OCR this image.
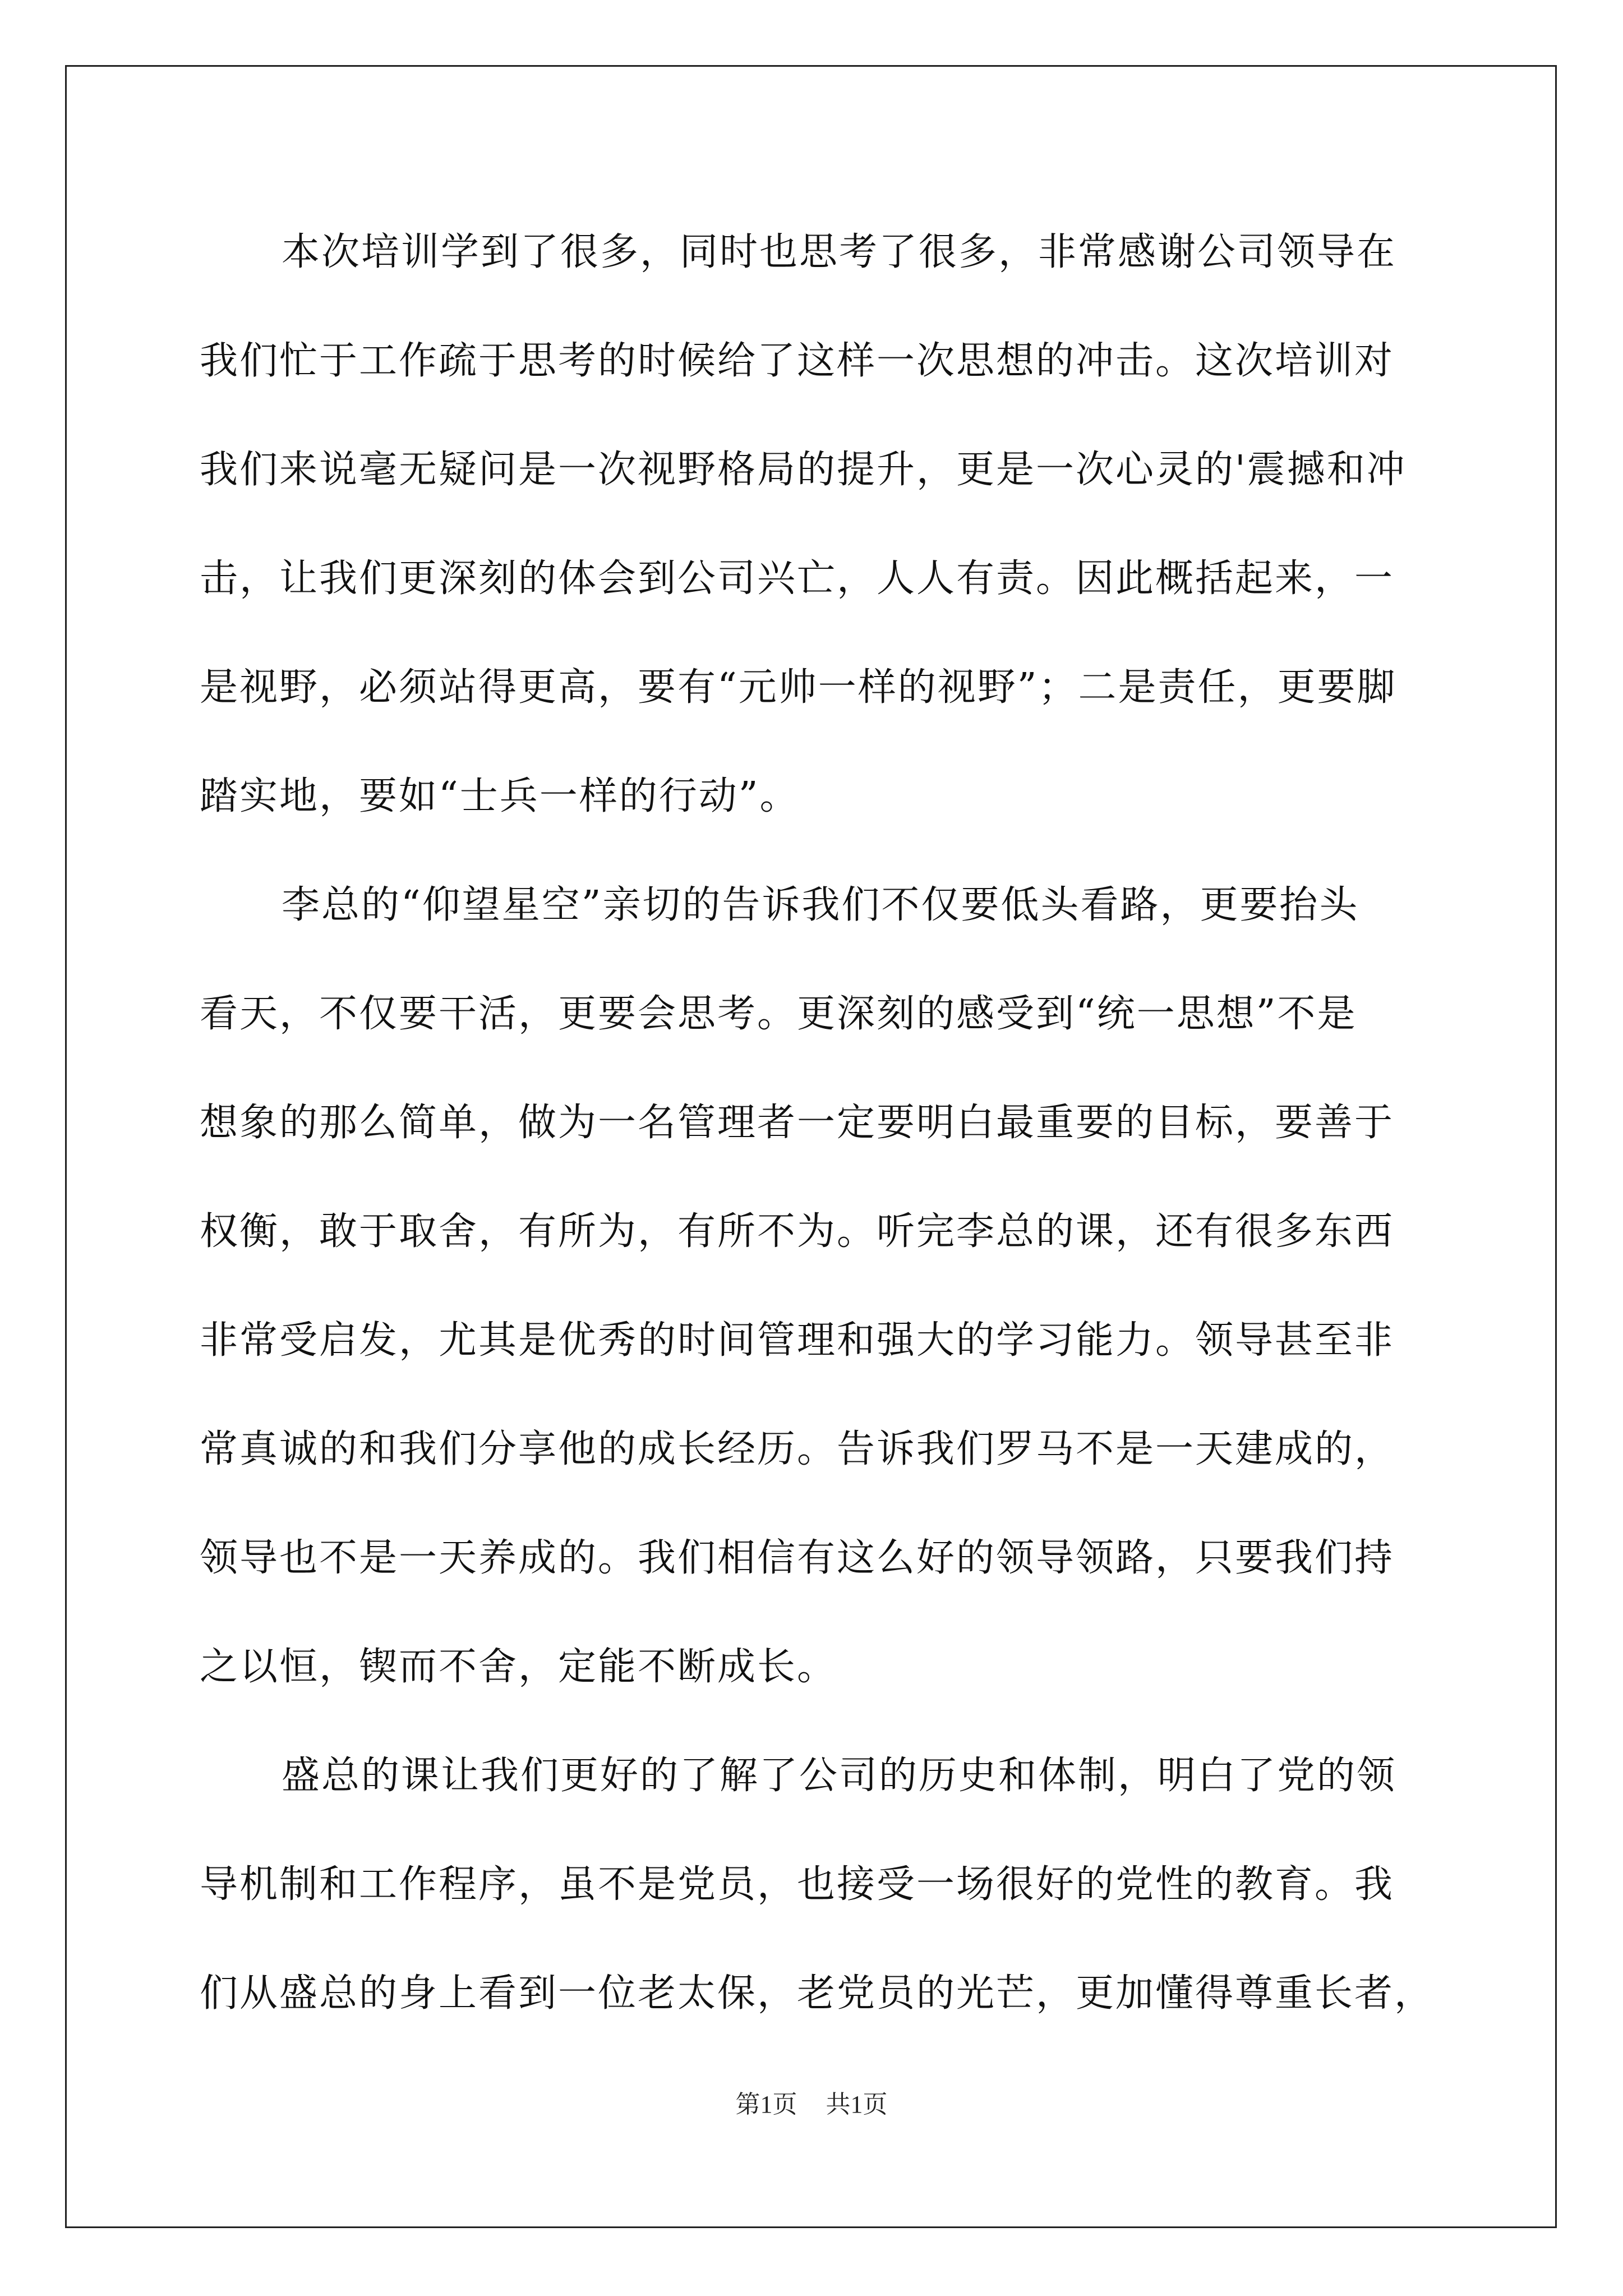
本次培训学到了很多，同时也思考了很多，非常感谢公司领导在
我们忙于工作疏于思考的时候给了这样一次思想的冲击。这次培训对
我们来说毫无疑问是一次视野格局的提升，更是一次心灵的'震撼和冲
击，让我们更深刻的体会到公司兴亡，人人有责。因此概括起来，一
是视野，必须站得更高，要有“元帅一样的视野”；二是责任，更要脚
踏实地，要如“士兵一样的行动”。
李总的“仰望星空”亲切的告诉我们不仅要低头看路，更要抬头
看天，不仅要干活，更要会思考。更深刻的感受到“统一思想”不是
想象的那么简单，做为一名管理者一定要明白最重要的目标，要善于
权衡，敢于取舍，有所为，有所不为。听完李总的课，还有很多东西
非常受启发，尤其是优秀的时间管理和强大的学习能力。领导甚至非
常真诚的和我们分享他的成长经历。告诉我们罗马不是一天建成的，
领导也不是一天养成的。我们相信有这么好的领导领路，只要我们持
之以恒，锲而不舍，定能不断成长。
盛总的课让我们更好的了解了公司的历史和体制，明白了党的领
导机制和工作程序，虽不是党员，也接受一场很好的党性的教育。我
们从盛总的身上看到一位老太保，老党员的光芒，更加懂得尊重长者，
第1页 共1页
